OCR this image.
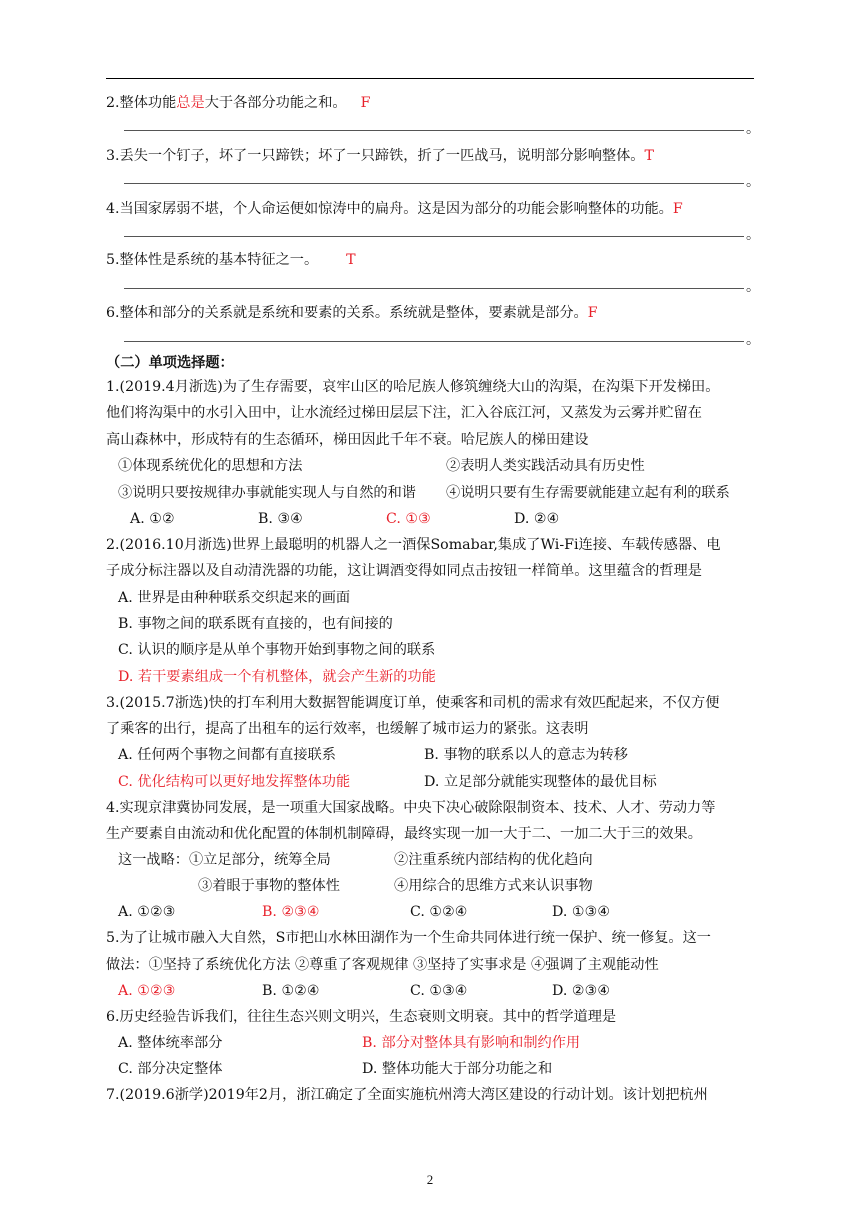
2.整体功能总是大于各部分功能之和。 F
。
3.丢失一个钉子，坏了一只蹄铁；坏了一只蹄铁，折了一匹战马，说明部分影响整体。T
。
4.当国家孱弱不堪，个人命运便如惊涛中的扁舟。这是因为部分的功能会影响整体的功能。F
。
5.整体性是系统的基本特征之一。 T
。
6.整体和部分的关系就是系统和要素的关系。系统就是整体，要素就是部分。F
。
（二）单项选择题：
1.(2019.4月浙选)为了生存需要，哀牢山区的哈尼族人修筑缠绕大山的沟渠，在沟渠下开发梯田。
他们将沟渠中的水引入田中，让水流经过梯田层层下注，汇入谷底江河，又蒸发为云雾并贮留在
高山森林中，形成特有的生态循环，梯田因此千年不衰。哈尼族人的梯田建设
①体现系统优化的思想和方法	②表明人类实践活动具有历史性
③说明只要按规律办事就能实现人与自然的和谐 ④说明只要有生存需要就能建立起有利的联系
A. ①②	B. ③④	C. ①③	D. ②④
2.(2016.10月浙选)世界上最聪明的机器人之一酒保Somabar,集成了Wi-Fi连接、车载传感器、电
子成分标注器以及自动清洗器的功能，这让调酒变得如同点击按钮一样简单。这里蕴含的哲理是
A. 世界是由种种联系交织起来的画面
B. 事物之间的联系既有直接的，也有间接的
C. 认识的顺序是从单个事物开始到事物之间的联系
D. 若干要素组成一个有机整体，就会产生新的功能
3.(2015.7浙选)快的打车利用大数据智能调度订单，使乘客和司机的需求有效匹配起来，不仅方便
了乘客的出行，提高了出租车的运行效率，也缓解了城市运力的紧张。这表明
A. 任何两个事物之间都有直接联系	B. 事物的联系以人的意志为转移
C. 优化结构可以更好地发挥整体功能	D. 立足部分就能实现整体的最优目标
4.实现京津冀协同发展，是一项重大国家战略。中央下决心破除限制资本、技术、人才、劳动力等
生产要素自由流动和优化配置的体制机制障碍，最终实现一加一大于二、一加二大于三的效果。
这一战略：①立足部分，统筹全局	②注重系统内部结构的优化趋向
③着眼于事物的整体性	④用综合的思维方式来认识事物
A. ①②③	B. ②③④	C. ①②④	D. ①③④
5.为了让城市融入大自然，S市把山水林田湖作为一个生命共同体进行统一保护、统一修复。这一
做法：①坚持了系统优化方法 ②尊重了客观规律 ③坚持了实事求是 ④强调了主观能动性
A. ①②③	B. ①②④	C. ①③④	D. ②③④
6.历史经验告诉我们，往往生态兴则文明兴，生态衰则文明衰。其中的哲学道理是
A. 整体统率部分	B. 部分对整体具有影响和制约作用
C. 部分决定整体	D. 整体功能大于部分功能之和
7.(2019.6浙学)2019年2月，浙江确定了全面实施杭州湾大湾区建设的行动计划。该计划把杭州
2
